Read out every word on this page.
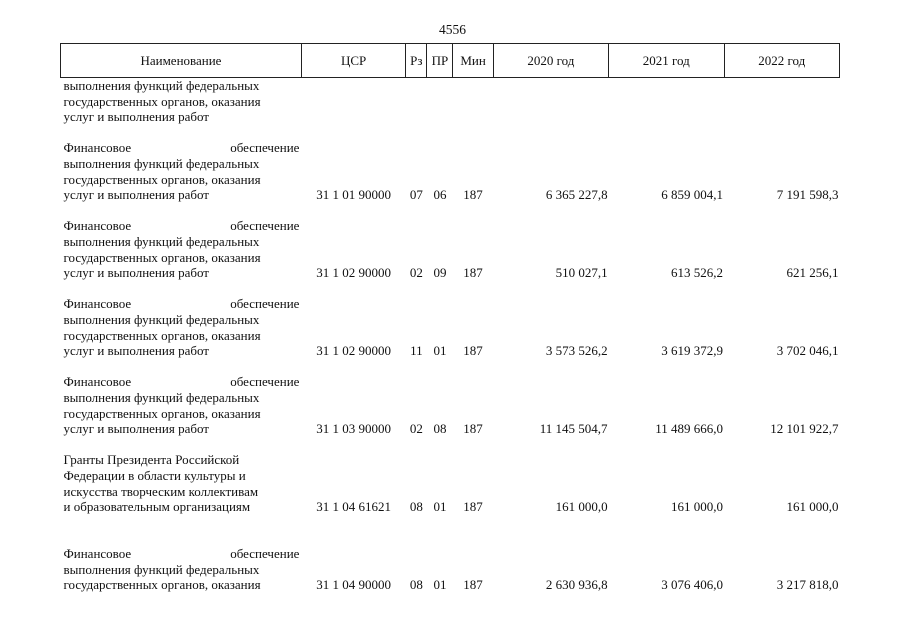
4556
Наименование	ЦСР	Рз	ПР	Мин	2020 год	2021 год	2022 год

выполнения функций федеральных
государственных органов, оказания
услуг и выполнения работ							

Финансовое обеспечение
выполнения функций федеральных
государственных органов, оказания
услуг и выполнения работ	31 1 01 90000	07	06	187	6 365 227,8	6 859 004,1	7 191 598,3

Финансовое обеспечение
выполнения функций федеральных
государственных органов, оказания
услуг и выполнения работ	31 1 02 90000	02	09	187	510 027,1	613 526,2	621 256,1

Финансовое обеспечение
выполнения функций федеральных
государственных органов, оказания
услуг и выполнения работ	31 1 02 90000	11	01	187	3 573 526,2	3 619 372,9	3 702 046,1

Финансовое обеспечение
выполнения функций федеральных
государственных органов, оказания
услуг и выполнения работ	31 1 03 90000	02	08	187	11 145 504,7	11 489 666,0	12 101 922,7

Гранты Президента Российской
Федерации в области культуры и
искусства творческим коллективам
и образовательным организациям	31 1 04 61621	08	01	187	161 000,0	161 000,0	161 000,0

Финансовое обеспечение
выполнения функций федеральных
государственных органов, оказания	31 1 04 90000	08	01	187	2 630 936,8	3 076 406,0	3 217 818,0
